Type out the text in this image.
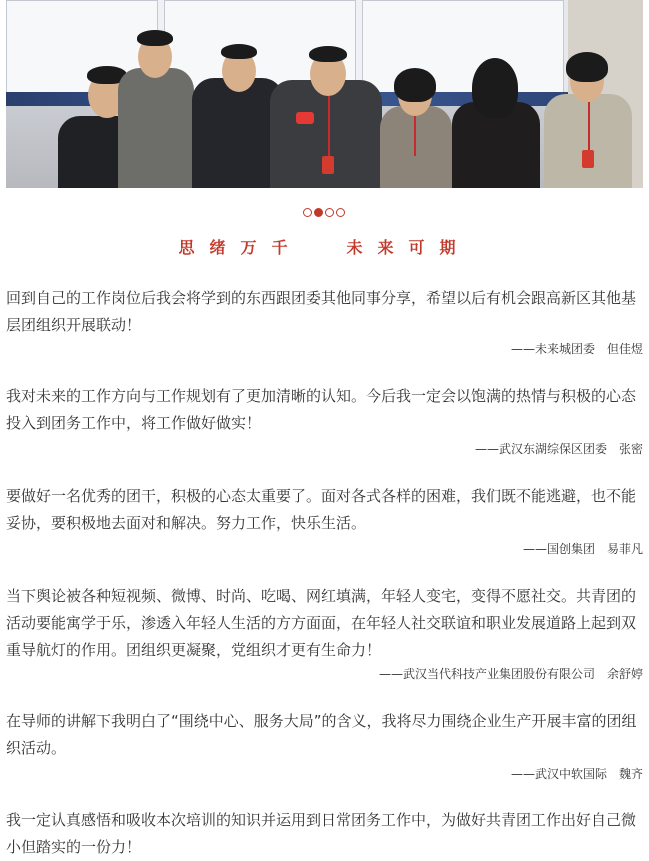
思绪万千	未来可期

回到自己的工作岗位后我会将学到的东西跟团委其他同事分享，希望以后有机会跟高新区其他基层团组织开展联动！

——未来城团委　但佳煜

我对未来的工作方向与工作规划有了更加清晰的认知。今后我一定会以饱满的热情与积极的心态投入到团务工作中，将工作做好做实！

——武汉东湖综保区团委　张密

要做好一名优秀的团干，积极的心态太重要了。面对各式各样的困难，我们既不能逃避，也不能妥协，要积极地去面对和解决。努力工作，快乐生活。

——国创集团　易菲凡

当下舆论被各种短视频、微博、时尚、吃喝、网红填满，年轻人变宅，变得不愿社交。共青团的活动要能寓学于乐，渗透入年轻人生活的方方面面，在年轻人社交联谊和职业发展道路上起到双重导航灯的作用。团组织更凝聚，党组织才更有生命力！

——武汉当代科技产业集团股份有限公司　余舒婷

在导师的讲解下我明白了“围绕中心、服务大局”的含义，我将尽力围绕企业生产开展丰富的团组织活动。

——武汉中软国际　魏齐

我一定认真感悟和吸收本次培训的知识并运用到日常团务工作中，为做好共青团工作出好自己微小但踏实的一份力！
